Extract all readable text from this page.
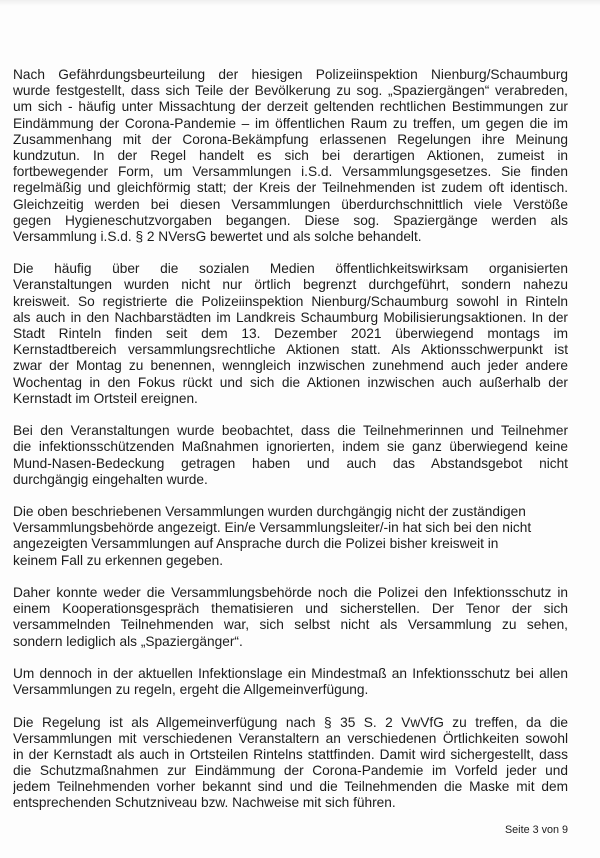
Nach Gefährdungsbeurteilung der hiesigen Polizeiinspektion Nienburg/Schaumburg
wurde festgestellt, dass sich Teile der Bevölkerung zu sog. „Spaziergängen“ verabreden,
um sich - häufig unter Missachtung der derzeit geltenden rechtlichen Bestimmungen zur
Eindämmung der Corona-Pandemie – im öffentlichen Raum zu treffen, um gegen die im
Zusammenhang mit der Corona-Bekämpfung erlassenen Regelungen ihre Meinung
kundzutun. In der Regel handelt es sich bei derartigen Aktionen, zumeist in
fortbewegender Form, um Versammlungen i.S.d. Versammlungsgesetzes. Sie finden
regelmäßig und gleichförmig statt; der Kreis der Teilnehmenden ist zudem oft identisch.
Gleichzeitig werden bei diesen Versammlungen überdurchschnittlich viele Verstöße
gegen Hygieneschutzvorgaben begangen. Diese sog. Spaziergänge werden als
Versammlung i.S.d. § 2 NVersG bewertet und als solche behandelt.
Die häufig über die sozialen Medien öffentlichkeitswirksam organisierten
Veranstaltungen wurden nicht nur örtlich begrenzt durchgeführt, sondern nahezu
kreisweit. So registrierte die Polizeiinspektion Nienburg/Schaumburg sowohl in Rinteln
als auch in den Nachbarstädten im Landkreis Schaumburg Mobilisierungsaktionen. In der
Stadt Rinteln finden seit dem 13. Dezember 2021 überwiegend montags im
Kernstadtbereich versammlungsrechtliche Aktionen statt. Als Aktionsschwerpunkt ist
zwar der Montag zu benennen, wenngleich inzwischen zunehmend auch jeder andere
Wochentag in den Fokus rückt und sich die Aktionen inzwischen auch außerhalb der
Kernstadt im Ortsteil ereignen.
Bei den Veranstaltungen wurde beobachtet, dass die Teilnehmerinnen und Teilnehmer
die infektionsschützenden Maßnahmen ignorierten, indem sie ganz überwiegend keine
Mund-Nasen-Bedeckung getragen haben und auch das Abstandsgebot nicht
durchgängig eingehalten wurde.
Die oben beschriebenen Versammlungen wurden durchgängig nicht der zuständigen
Versammlungsbehörde angezeigt. Ein/e Versammlungsleiter/-in hat sich bei den nicht
angezeigten Versammlungen auf Ansprache durch die Polizei bisher kreisweit in
keinem Fall zu erkennen gegeben.
Daher konnte weder die Versammlungsbehörde noch die Polizei den Infektionsschutz in
einem Kooperationsgespräch thematisieren und sicherstellen. Der Tenor der sich
versammelnden Teilnehmenden war, sich selbst nicht als Versammlung zu sehen,
sondern lediglich als „Spaziergänger“.
Um dennoch in der aktuellen Infektionslage ein Mindestmaß an Infektionsschutz bei allen
Versammlungen zu regeln, ergeht die Allgemeinverfügung.
Die Regelung ist als Allgemeinverfügung nach § 35 S. 2 VwVfG zu treffen, da die
Versammlungen mit verschiedenen Veranstaltern an verschiedenen Örtlichkeiten sowohl
in der Kernstadt als auch in Ortsteilen Rintelns stattfinden. Damit wird sichergestellt, dass
die Schutzmaßnahmen zur Eindämmung der Corona-Pandemie im Vorfeld jeder und
jedem Teilnehmenden vorher bekannt sind und die Teilnehmenden die Maske mit dem
entsprechenden Schutzniveau bzw. Nachweise mit sich führen.
Seite 3 von 9
